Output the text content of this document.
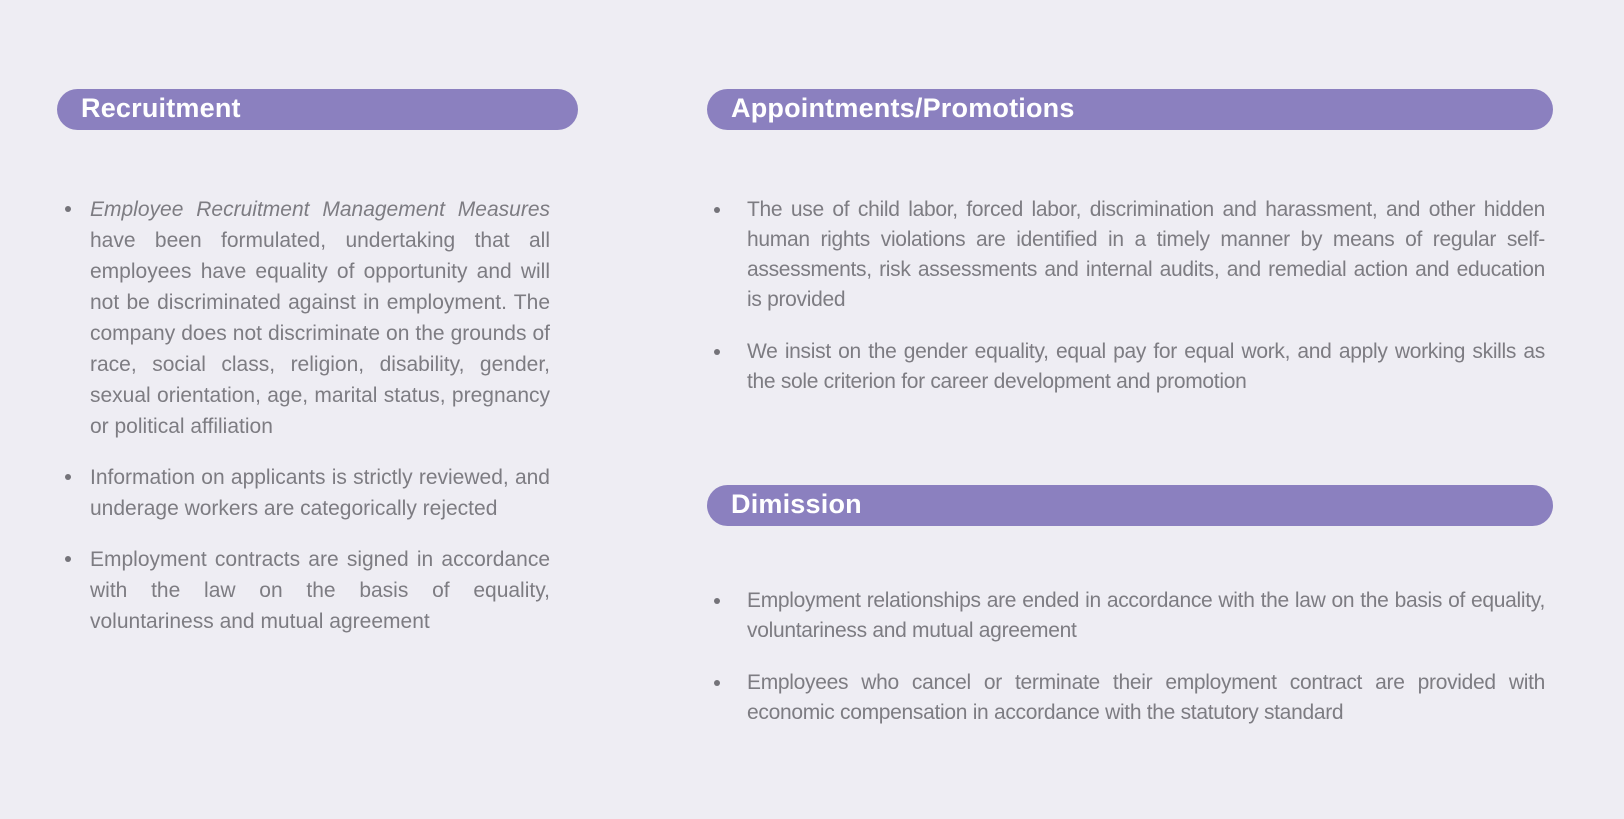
Recruitment
Employee Recruitment Management Measures have been formulated, undertaking that all employees have equality of opportunity and will not be discriminated against in employment. The company does not discriminate on the grounds of race, social class, religion, disability, gender, sexual orientation, age, marital status, pregnancy or political affiliation
Information on applicants is strictly reviewed, and underage workers are categorically rejected
Employment contracts are signed in accordance with the law on the basis of equality, voluntariness and mutual agreement
Appointments/Promotions
The use of child labor, forced labor, discrimination and harassment, and other hidden human rights violations are identified in a timely manner by means of regular self-assessments, risk assessments and internal audits, and remedial action and education is provided
We insist on the gender equality, equal pay for equal work, and apply working skills as the sole criterion for career development and promotion
Dimission
Employment relationships are ended in accordance with the law on the basis of equality, voluntariness and mutual agreement
Employees who cancel or terminate their employment contract are provided with economic compensation in accordance with the statutory standard
